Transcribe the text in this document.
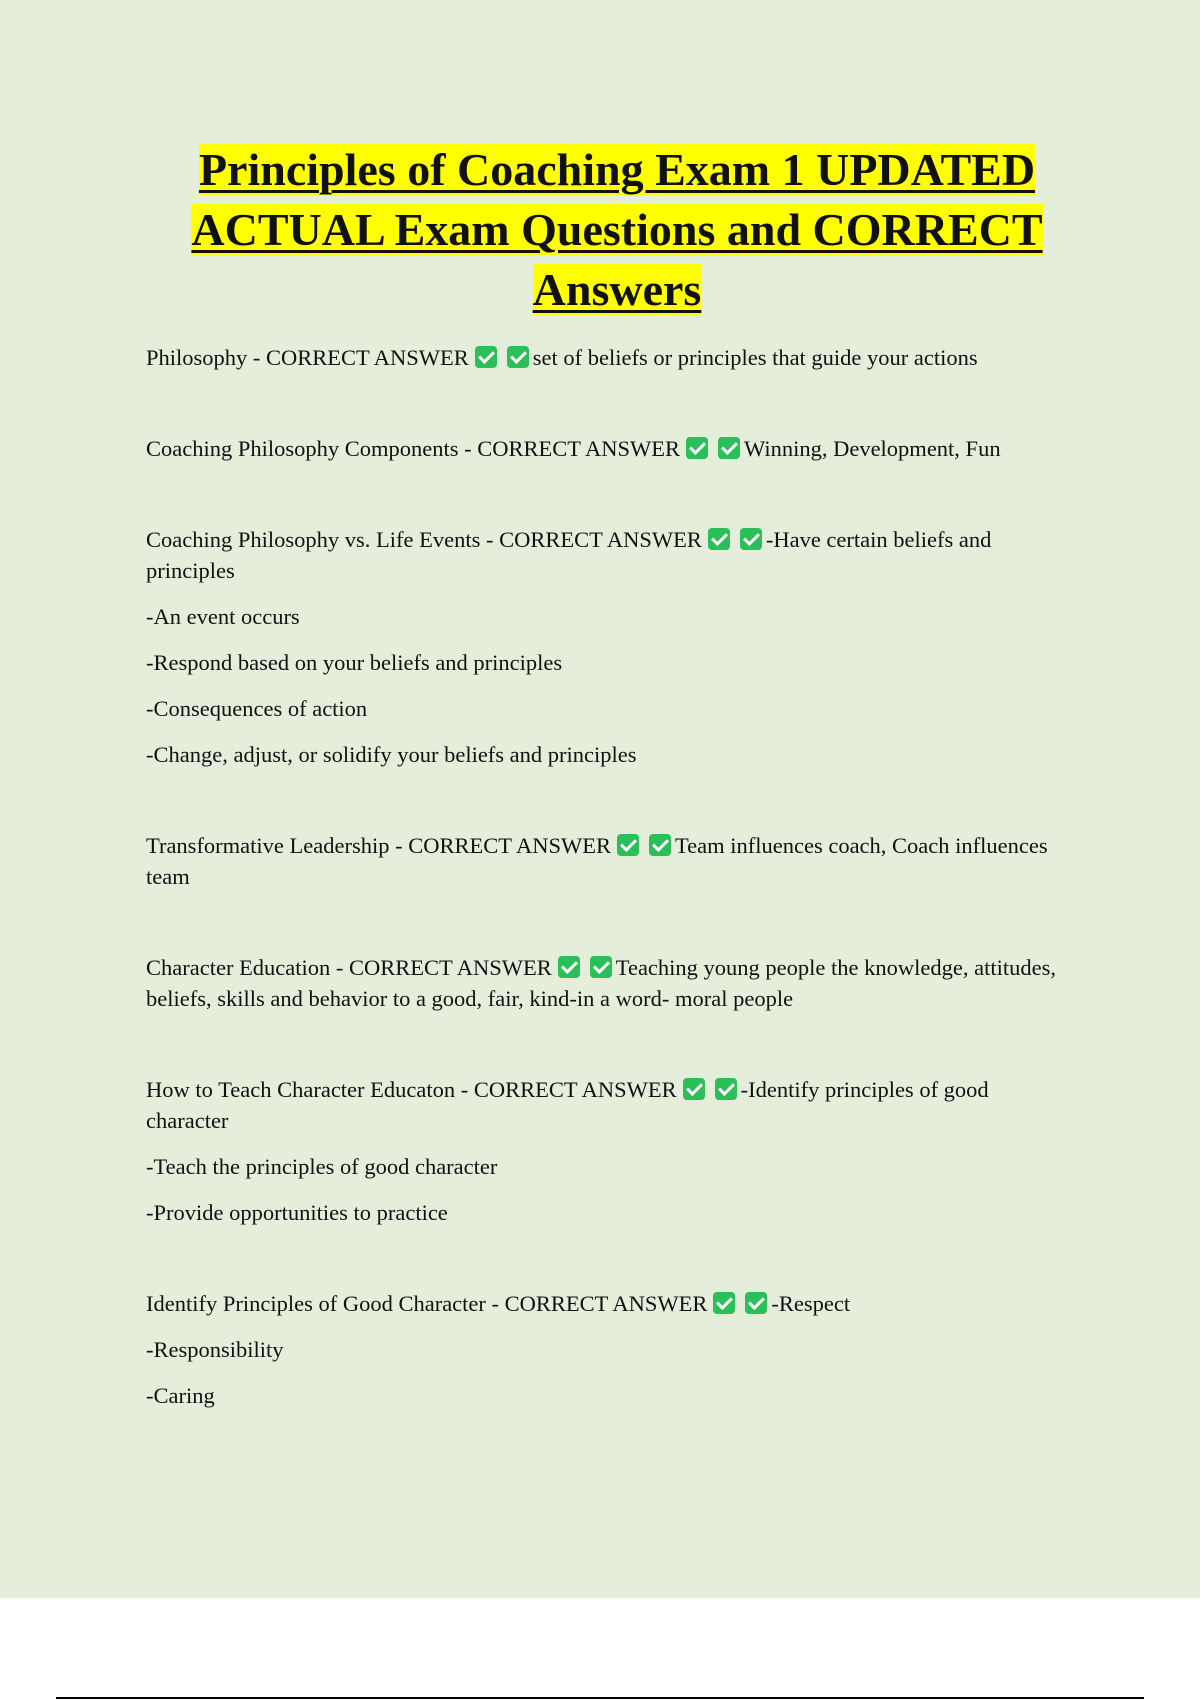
Principles of Coaching Exam 1 UPDATED
ACTUAL Exam Questions and CORRECT
Answers

Philosophy - CORRECT ANSWER	set of beliefs or principles that guide your actions

Coaching Philosophy Components - CORRECT ANSWER	Winning, Development, Fun

Coaching Philosophy vs. Life Events - CORRECT ANSWER	-Have certain beliefs and principles

-An event occurs

-Respond based on your beliefs and principles

-Consequences of action

-Change, adjust, or solidify your beliefs and principles

Transformative Leadership - CORRECT ANSWER	Team influences coach, Coach influences team

Character Education - CORRECT ANSWER	Teaching young people the knowledge, attitudes, beliefs, skills and behavior to a good, fair, kind-in a word- moral people

How to Teach Character Educaton - CORRECT ANSWER	-Identify principles of good character

-Teach the principles of good character

-Provide opportunities to practice

Identify Principles of Good Character - CORRECT ANSWER	-Respect

-Responsibility

-Caring
